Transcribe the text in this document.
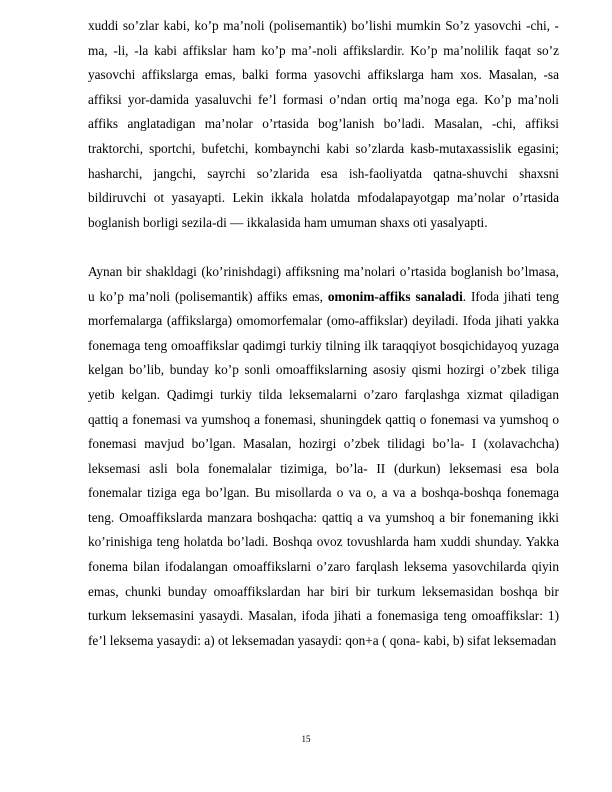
xuddi so’zlar kabi, ko’p ma’noli (polisemantik) bo’lishi mumkin So’z yasovchi -chi, -ma, -li, -la kabi affikslar ham ko’p ma’-noli affikslardir. Ko’p ma’nolilik faqat so’z yasovchi affikslarga emas, balki forma yasovchi affikslarga ham xos. Masalan, -sa affiksi yor-damida yasaluvchi fe’l formasi o’ndan ortiq ma’noga ega. Ko’p ma’noli affiks anglatadigan ma’nolar o’rtasida bog’lanish bo’ladi. Masalan, -chi, affiksi traktorchi, sportchi, bufetchi, kombaynchi kabi so’zlarda kasb-mutaxassislik egasini; hasharchi, jangchi, sayrchi so’zlarida esa ish-faoliyatda qatna-shuvchi shaxsni bildiruvchi ot yasayapti. Lekin ikkala holatda mfodalapayotgap ma’nolar o’rtasida boglanish borligi sezila-di — ikkalasida ham umuman shaxs oti yasalyapti.

Aynan bir shakldagi (ko’rinishdagi) affiksning ma’nolari o’rtasida boglanish bo’lmasa, u ko’p ma’noli (polisemantik) affiks emas, omonim-affiks sanaladi. Ifoda jihati teng morfemalarga (affikslarga) omomorfemalar (omo-affikslar) deyiladi. Ifoda jihati yakka fonemaga teng omoaffikslar qadimgi turkiy tilning ilk taraqqiyot bosqichidayoq yuzaga kelgan bo’lib, bunday ko’p sonli omoaffikslarning asosiy qismi hozirgi o’zbek tiliga yetib kelgan. Qadimgi turkiy tilda leksemalarni o’zaro farqlashga xizmat qiladigan qattiq a fonemasi va yumshoq a fonemasi, shuningdek qattiq o fonemasi va yumshoq o fonemasi mavjud bo’lgan. Masalan, hozirgi o’zbek tilidagi bo’la- I (xolavachcha) leksemasi asli bola fonemalalar tizimiga, bo’la- II (durkun) leksemasi esa bola fonemalar tiziga ega bo’lgan. Bu misollarda o va o, a va a boshqa-boshqa fonemaga teng. Omoaffikslarda manzara boshqacha: qattiq a va yumshoq a bir fonemaning ikki ko’rinishiga teng holatda bo’ladi. Boshqa ovoz tovushlarda ham xuddi shunday. Yakka fonema bilan ifodalangan omoaffikslarni o’zaro farqlash leksema yasovchilarda qiyin emas, chunki bunday omoaffikslardan har biri bir turkum leksemasidan boshqa bir turkum leksemasini yasaydi. Masalan, ifoda jihati a fonemasiga teng omoaffikslar: 1) fe’l leksema yasaydi: a) ot leksemadan yasaydi: qon+a ( qona- kabi, b) sifat leksemadan

15
